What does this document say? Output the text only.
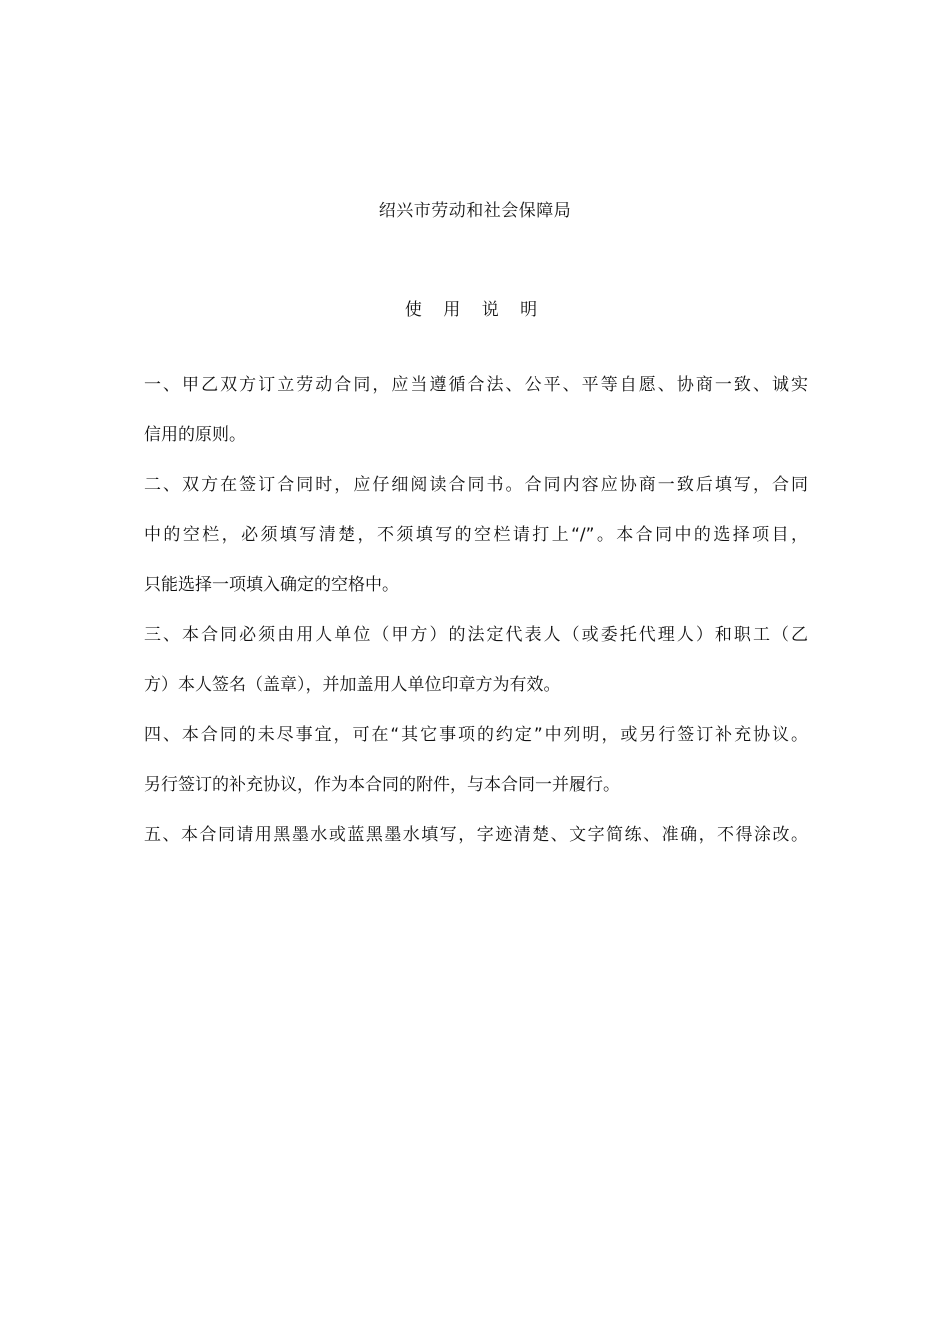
绍兴市劳动和社会保障局
使 用 说 明
一、甲乙双方订立劳动合同，应当遵循合法、公平、平等自愿、协商一致、诚实
信用的原则。
二、双方在签订合同时，应仔细阅读合同书。合同内容应协商一致后填写，合同
中的空栏，必须填写清楚，不须填写的空栏请打上“/”。本合同中的选择项目，
只能选择一项填入确定的空格中。
三、本合同必须由用人单位（甲方）的法定代表人（或委托代理人）和职工（乙
方）本人签名（盖章），并加盖用人单位印章方为有效。
四、本合同的未尽事宜，可在“其它事项的约定”中列明，或另行签订补充协议。
另行签订的补充协议，作为本合同的附件，与本合同一并履行。
五、本合同请用黑墨水或蓝黑墨水填写，字迹清楚、文字简练、准确，不得涂改。
